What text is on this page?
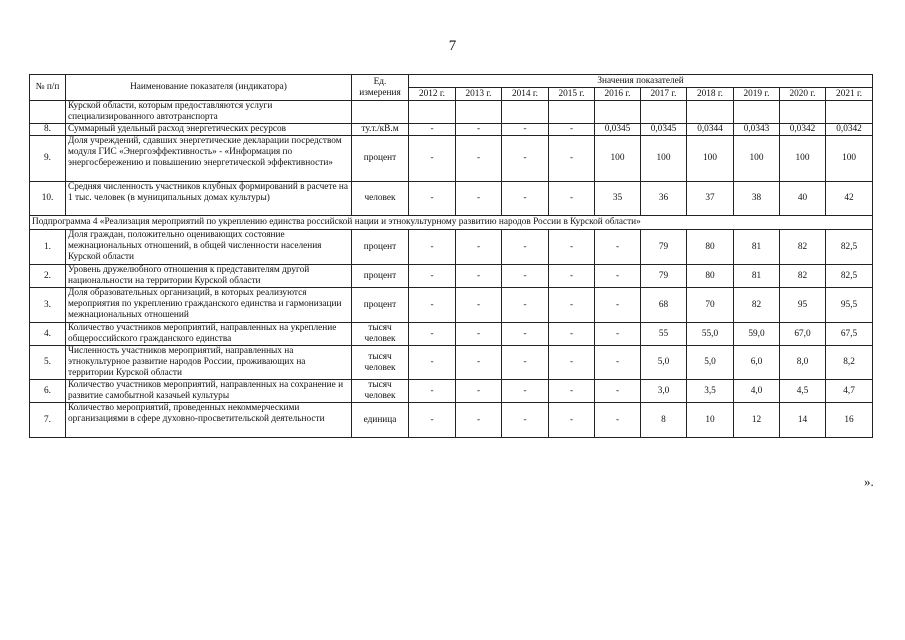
7
№ п/п	Наименование показателя (индикатора)	Ед. измерения	Значения показателей									
			2012 г.	2013 г.	2014 г.	2015 г.	2016 г.	2017 г.	2018 г.	2019 г.	2020 г.	2021 г.
	Курской области, которым предоставляются услуги специализированного автотранспорта											
8.	Суммарный удельный расход энергетических ресурсов	ту.т./кВ.м	-	-	-	-	0,0345	0,0345	0,0344	0,0343	0,0342	0,0342
9.	Доля учреждений, сдавших энергетические декларации посредством модуля ГИС «Энергоэффективность» - «Информация по энергосбережению и повышению энергетической эффективности»	процент	-	-	-	-	100	100	100	100	100	100
10.	Средняя численность участников клубных формирований в расчете на 1 тыс. человек (в муниципальных домах культуры)	человек	-	-	-	-	35	36	37	38	40	42
Подпрограмма 4 «Реализация мероприятий по укреплению единства российской нации и этнокультурному развитию народов России в Курской области»												
1.	Доля граждан, положительно оценивающих состояние межнациональных отношений, в общей численности населения Курской области	процент	-	-	-	-	-	79	80	81	82	82,5
2.	Уровень дружелюбного отношения к представителям другой национальности на территории Курской области	процент	-	-	-	-	-	79	80	81	82	82,5
3.	Доля образовательных организаций, в которых реализуются мероприятия по укреплению гражданского единства и гармонизации межнациональных отношений	процент	-	-	-	-	-	68	70	82	95	95,5
4.	Количество участников мероприятий, направленных на укрепление общероссийского гражданского единства	тысяч человек	-	-	-	-	-	55	55,0	59,0	67,0	67,5
5.	Численность участников мероприятий, направленных на этнокультурное развитие народов России, проживающих на территории Курской области	тысяч человек	-	-	-	-	-	5,0	5,0	6,0	8,0	8,2
6.	Количество участников мероприятий, направленных на сохранение и развитие самобытной казачьей культуры	тысяч человек	-	-	-	-	-	3,0	3,5	4,0	4,5	4,7
7.	Количество мероприятий, проведенных некоммерческими организациями в сфере духовно-просветительской деятельности	единица	-	-	-	-	-	8	10	12	14	16
».
